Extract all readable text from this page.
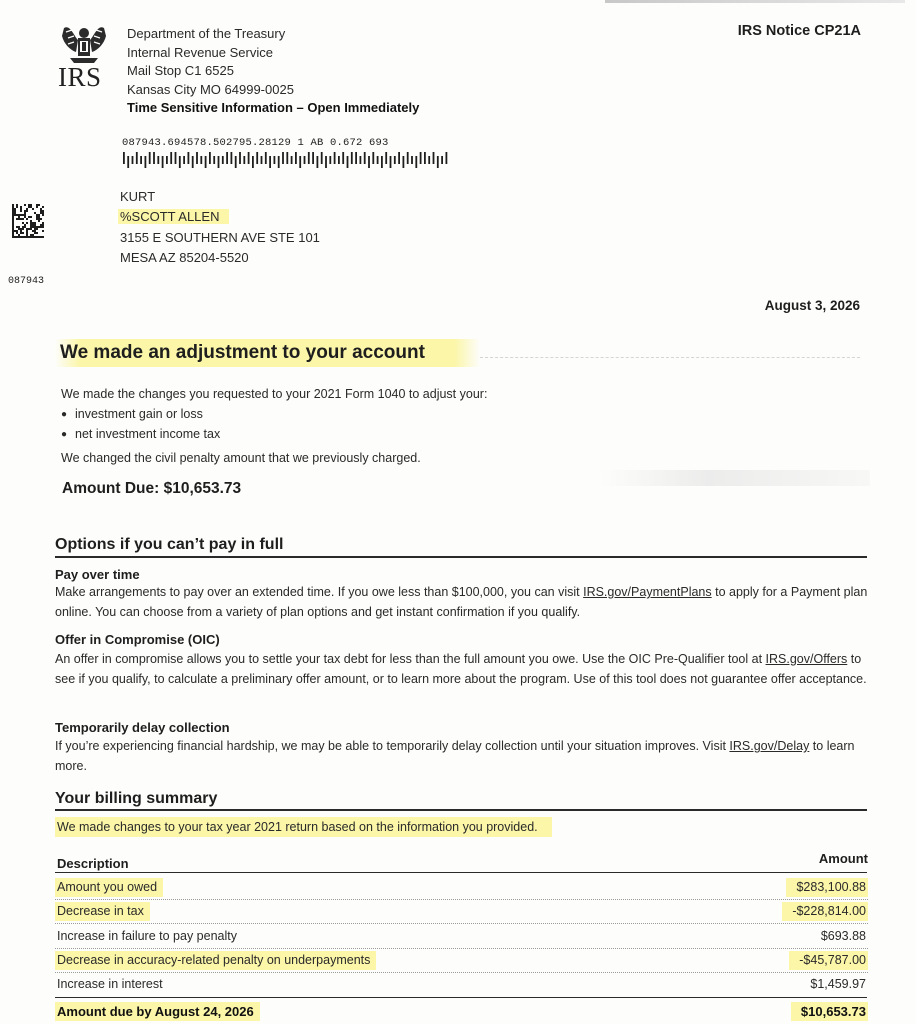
IRS
Department of the Treasury
Internal Revenue Service
Mail Stop C1 6525
Kansas City MO 64999-0025
Time Sensitive Information – Open Immediately
IRS Notice CP21A
087943.694578.502795.28129 1 AB 0.672 693
KURT
%SCOTT ALLEN
3155 E SOUTHERN AVE STE 101
MESA AZ 85204-5520
087943
August 3, 2026
We made an adjustment to your account

We made the changes you requested to your 2021 Form 1040 to adjust your:

● investment gain or loss
● net investment income tax

We changed the civil penalty amount that we previously charged.

Amount Due: $10,653.73
Options if you can’t pay in full
Pay over time
Make arrangements to pay over an extended time. If you owe less than $100,000, you can visit IRS.gov/PaymentPlans to apply for a Payment plan online. You can choose from a variety of plan options and get instant confirmation if you qualify.
Offer in Compromise (OIC)
An offer in compromise allows you to settle your tax debt for less than the full amount you owe. Use the OIC Pre-Qualifier tool at IRS.gov/Offers to see if you qualify, to calculate a preliminary offer amount, or to learn more about the program. Use of this tool does not guarantee offer acceptance.
Temporarily delay collection
If you’re experiencing financial hardship, we may be able to temporarily delay collection until your situation improves. Visit IRS.gov/Delay to learn more.
Your billing summary
We made changes to your tax year 2021 return based on the information you provided.
Description	Amount
Amount you owed	$283,100.88
Decrease in tax	-$228,814.00
Increase in failure to pay penalty	$693.88
Decrease in accuracy-related penalty on underpayments	-$45,787.00
Increase in interest	$1,459.97
Amount due by August 24, 2026	$10,653.73
